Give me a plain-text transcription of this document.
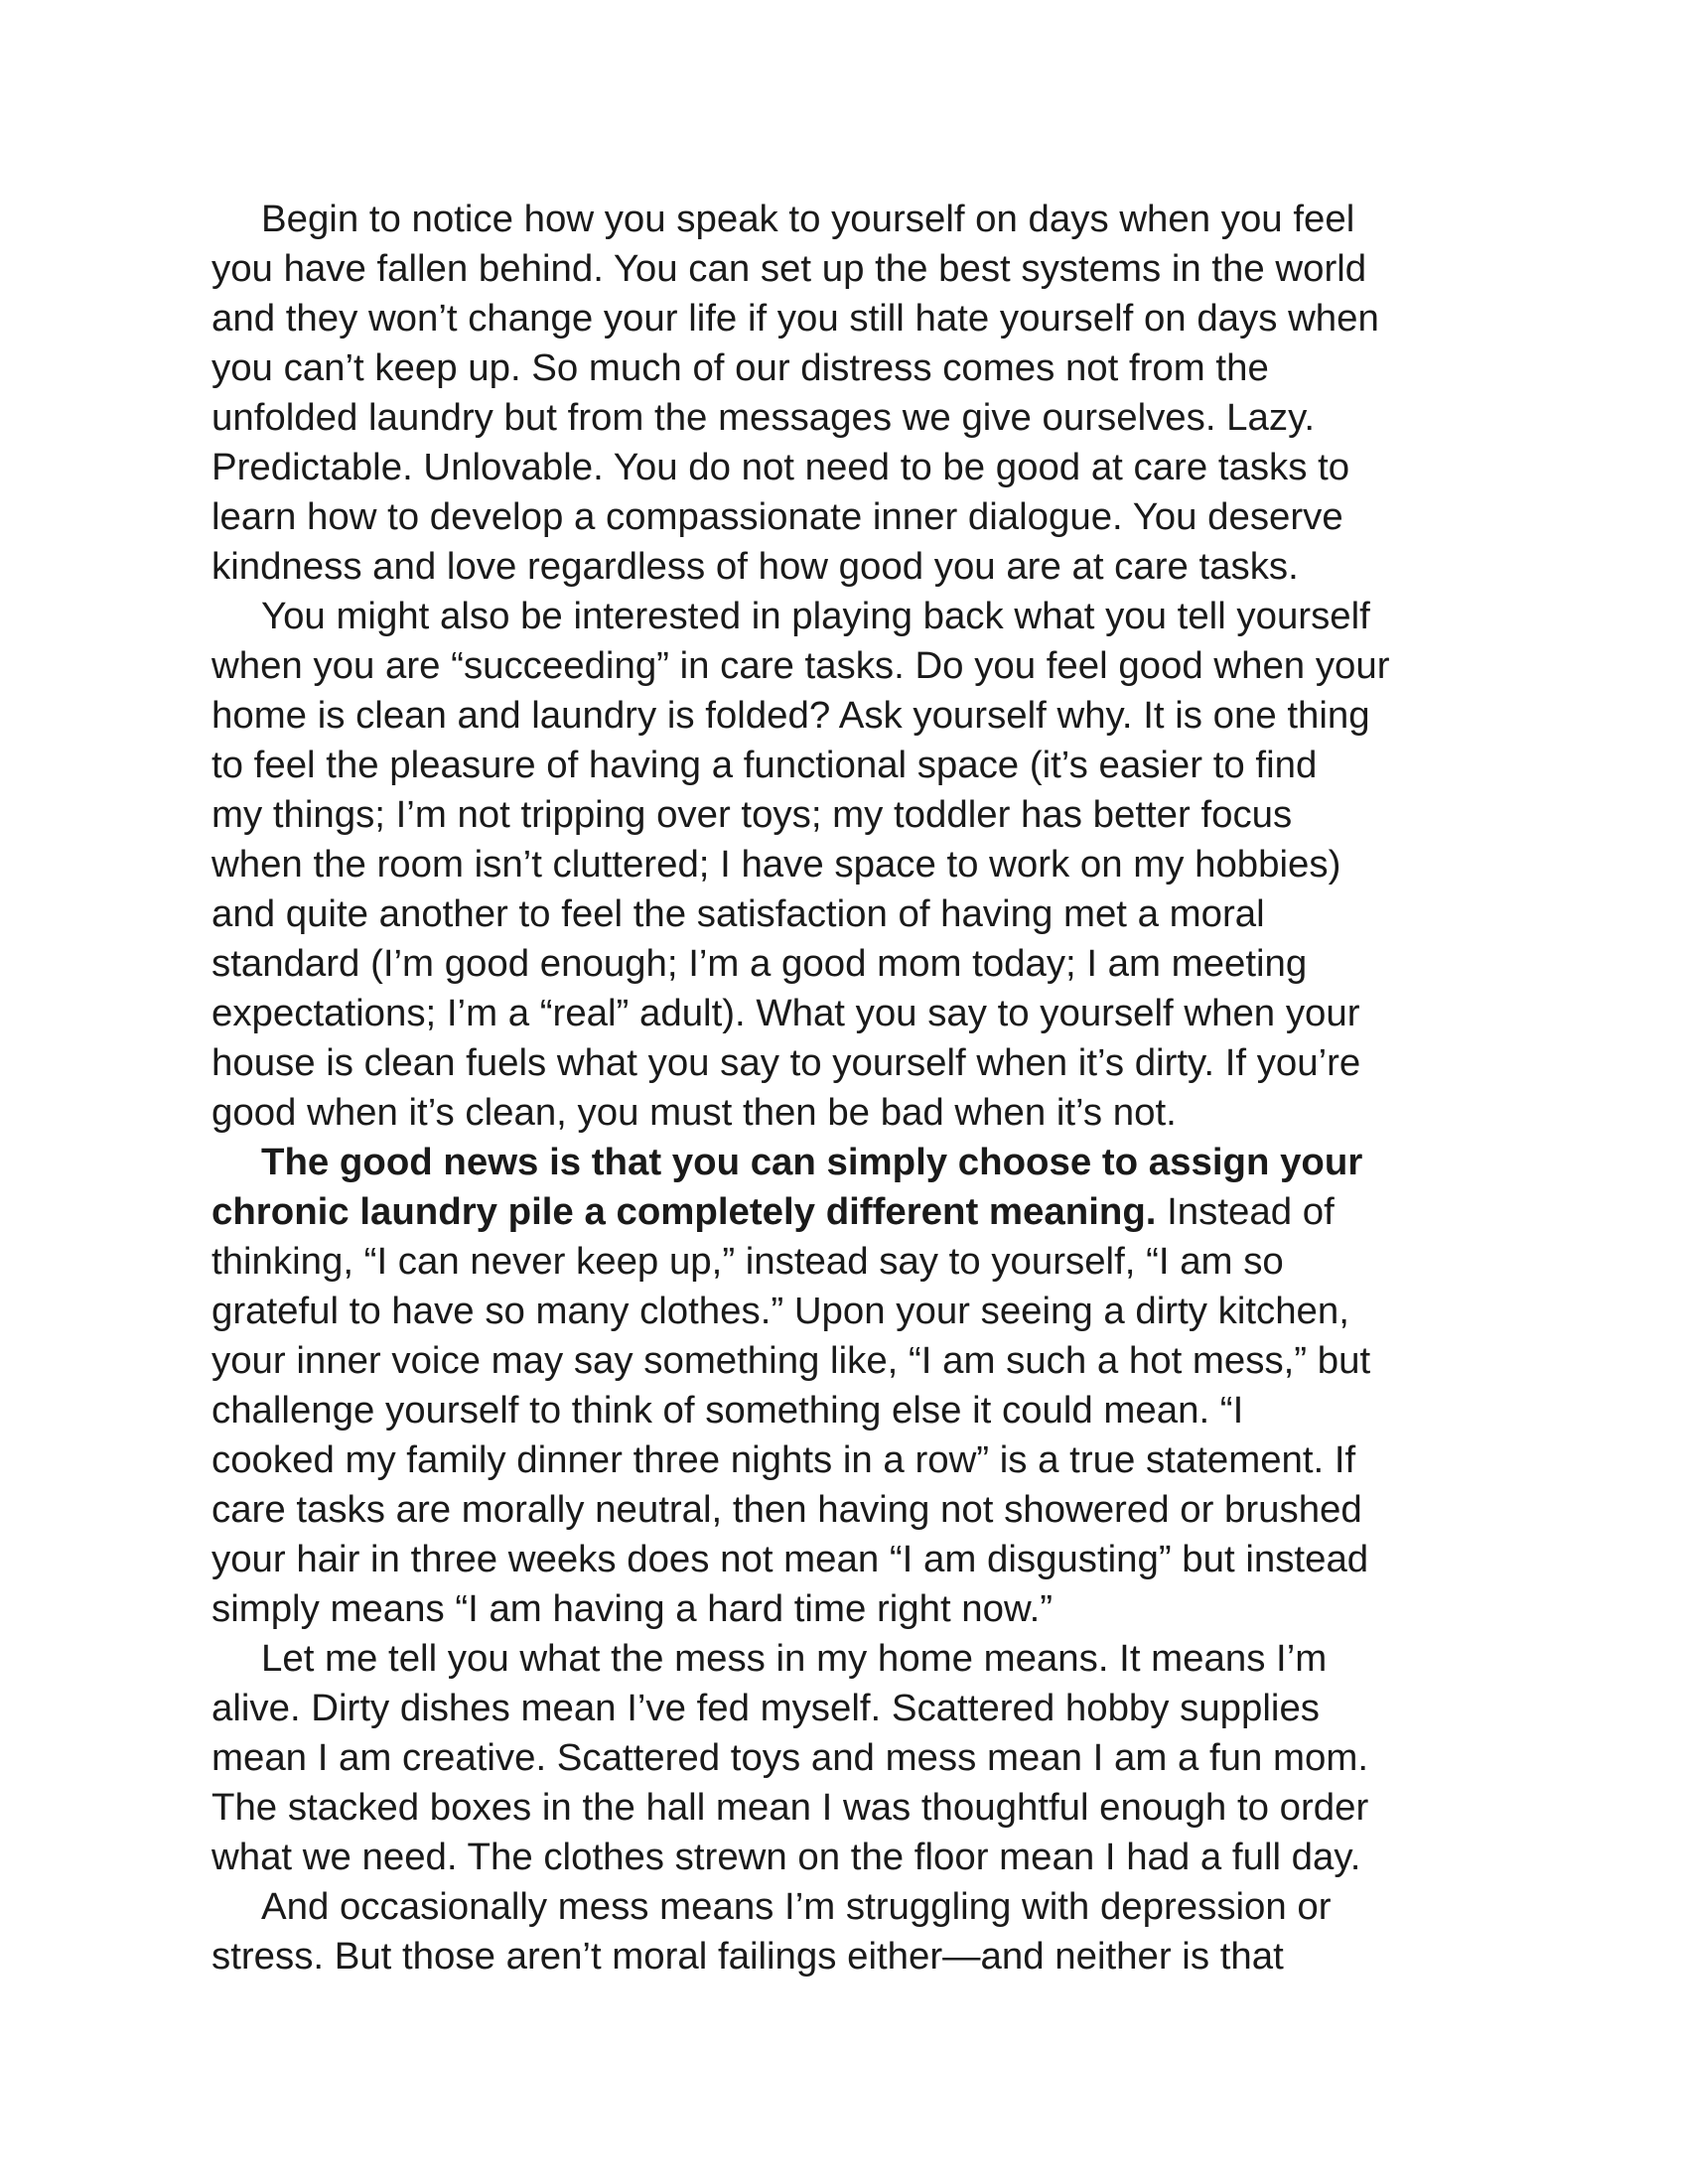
Begin to notice how you speak to yourself on days when you feel
you have fallen behind. You can set up the best systems in the world
and they won’t change your life if you still hate yourself on days when
you can’t keep up. So much of our distress comes not from the
unfolded laundry but from the messages we give ourselves. Lazy.
Predictable. Unlovable. You do not need to be good at care tasks to
learn how to develop a compassionate inner dialogue. You deserve
kindness and love regardless of how good you are at care tasks.

You might also be interested in playing back what you tell yourself
when you are “succeeding” in care tasks. Do you feel good when your
home is clean and laundry is folded? Ask yourself why. It is one thing
to feel the pleasure of having a functional space (it’s easier to find
my things; I’m not tripping over toys; my toddler has better focus
when the room isn’t cluttered; I have space to work on my hobbies)
and quite another to feel the satisfaction of having met a moral
standard (I’m good enough; I’m a good mom today; I am meeting
expectations; I’m a “real” adult). What you say to yourself when your
house is clean fuels what you say to yourself when it’s dirty. If you’re
good when it’s clean, you must then be bad when it’s not.

The good news is that you can simply choose to assign your
chronic laundry pile a completely different meaning. Instead of
thinking, “I can never keep up,” instead say to yourself, “I am so
grateful to have so many clothes.” Upon your seeing a dirty kitchen,
your inner voice may say something like, “I am such a hot mess,” but
challenge yourself to think of something else it could mean. “I
cooked my family dinner three nights in a row” is a true statement. If
care tasks are morally neutral, then having not showered or brushed
your hair in three weeks does not mean “I am disgusting” but instead
simply means “I am having a hard time right now.”

Let me tell you what the mess in my home means. It means I’m
alive. Dirty dishes mean I’ve fed myself. Scattered hobby supplies
mean I am creative. Scattered toys and mess mean I am a fun mom.
The stacked boxes in the hall mean I was thoughtful enough to order
what we need. The clothes strewn on the floor mean I had a full day.

And occasionally mess means I’m struggling with depression or
stress. But those aren’t moral failings either—and neither is that
